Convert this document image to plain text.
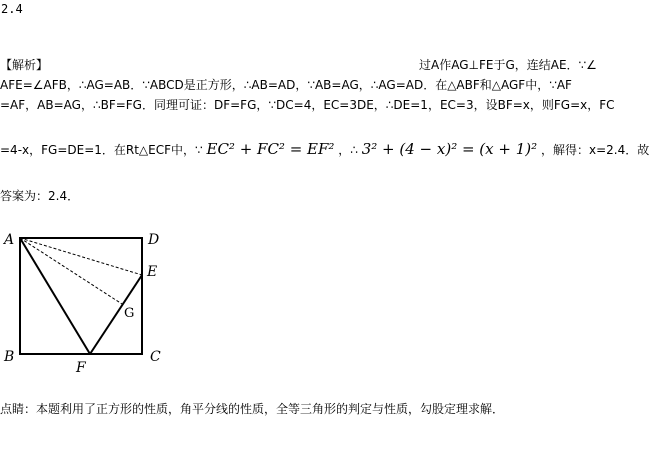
2.4
【解析】	过A作AG⊥FE于G，连结AE．∵∠
AFE=∠AFB，∴AG=AB．∵ABCD是正方形，∴AB=AD，∵AB=AG，∴AG=AD．在△ABF和△AGF中，∵AF
=AF，AB=AG，∴BF=FG．同理可证：DF=FG，∵DC=4，EC=3DE，∴DE=1，EC=3，设BF=x，则FG=x，FC
=4-x，FG=DE=1．在Rt△ECF中，∵ EC² + FC² = EF² ，∴ 3² + (4 − x)² = (x + 1)² ，解得：x=2.4．故
答案为：2.4．
A	D
E
G
B
F
C
点睛：本题利用了正方形的性质，角平分线的性质，全等三角形的判定与性质，勾股定理求解．
